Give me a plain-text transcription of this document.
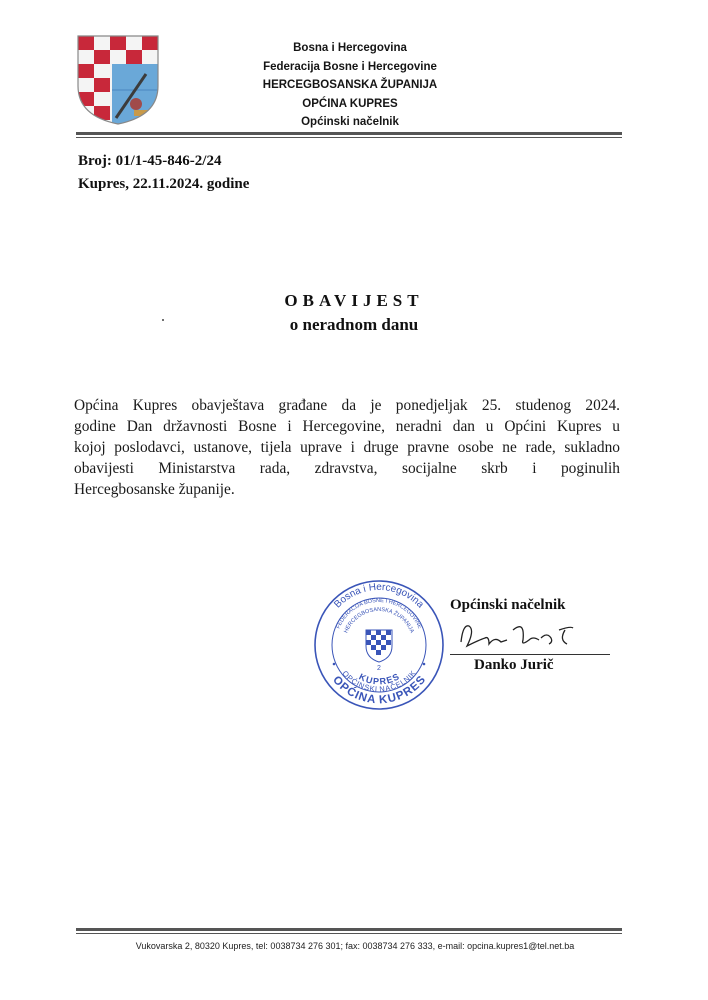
Bosna i Hercegovina
Federacija Bosne i Hercegovine
HERCEGBOSANSKA ŽUPANIJA
OPĆINA KUPRES
Općinski načelnik
Broj: 01/1-45-846-2/24
Kupres, 22.11.2024. godine
OBAVIJEST
o neradnom danu
Općina Kupres obavještava građane da je ponedjeljak 25. studenog 2024.
godine Dan državnosti Bosne i Hercegovine, neradni dan u Općini Kupres u
kojoj poslodavci, ustanove, tijela uprave i druge pravne osobe ne rade, sukladno
obavijesti Ministarstva rada, zdravstva, socijalne skrb i poginulih
Hercegbosanske županije.
Bosna i Hercegovina
OPĆINA KUPRES
FEDERACIJA BOSNE I HERCEGOVINE
HERCEGBOSANSKA ŽUPANIJA
KUPRES
OPĆINSKI NAČELNIK
2
Općinski načelnik
Danko Jurič
Vukovarska 2, 80320 Kupres, tel: 0038734 276 301; fax: 0038734 276 333, e-mail: opcina.kupres1@tel.net.ba
